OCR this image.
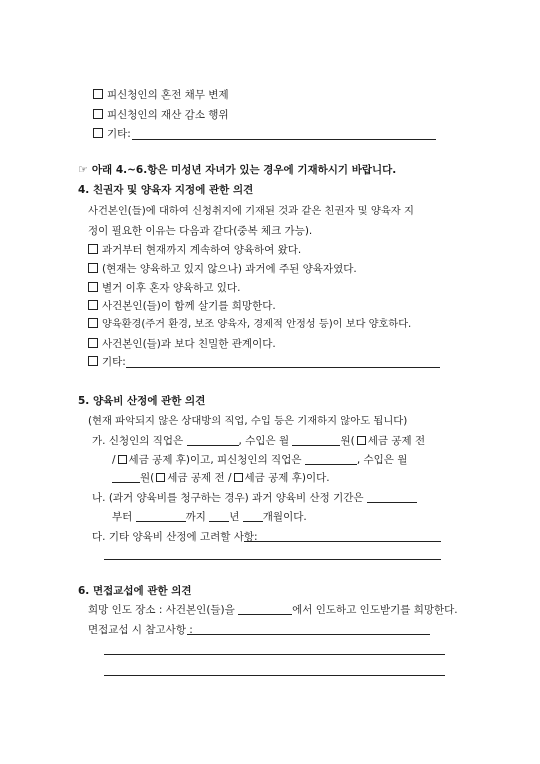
피신청인의 혼전 채무 변제
피신청인의 재산 감소 행위
기타:
☞ 아래 4.~6.항은 미성년 자녀가 있는 경우에 기재하시기 바랍니다.
4. 친권자 및 양육자 지정에 관한 의견
사건본인(들)에 대하여 신청취지에 기재된 것과 같은 친권자 및 양육자 지
정이 필요한 이유는 다음과 같다(중복 체크 가능).
과거부터 현재까지 계속하여 양육하여 왔다.
(현재는 양육하고 있지 않으나) 과거에 주된 양육자였다.
별거 이후 혼자 양육하고 있다.
사건본인(들)이 함께 살기를 희망한다.
양육환경(주거 환경, 보조 양육자, 경제적 안정성 등)이 보다 양호하다.
사건본인(들)과 보다 친밀한 관계이다.
기타:
5. 양육비 산정에 관한 의견
(현재 파악되지 않은 상대방의 직업, 수입 등은 기재하지 않아도 됩니다)
가. 신청인의 직업은	, 수입은 월	원( 세금 공제 전
/ 세금 공제 후)이고, 피신청인의 직업은	, 수입은 월
원( 세금 공제 전 / 세금 공제 후)이다.
나. (과거 양육비를 청구하는 경우) 과거 양육비 산정 기간은
부터	까지 년 개월이다.
다. 기타 양육비 산정에 고려할 사항:
6. 면접교섭에 관한 의견
희망 인도 장소 : 사건본인(들)을	에서 인도하고 인도받기를 희망한다.
면접교섭 시 참고사항 :
